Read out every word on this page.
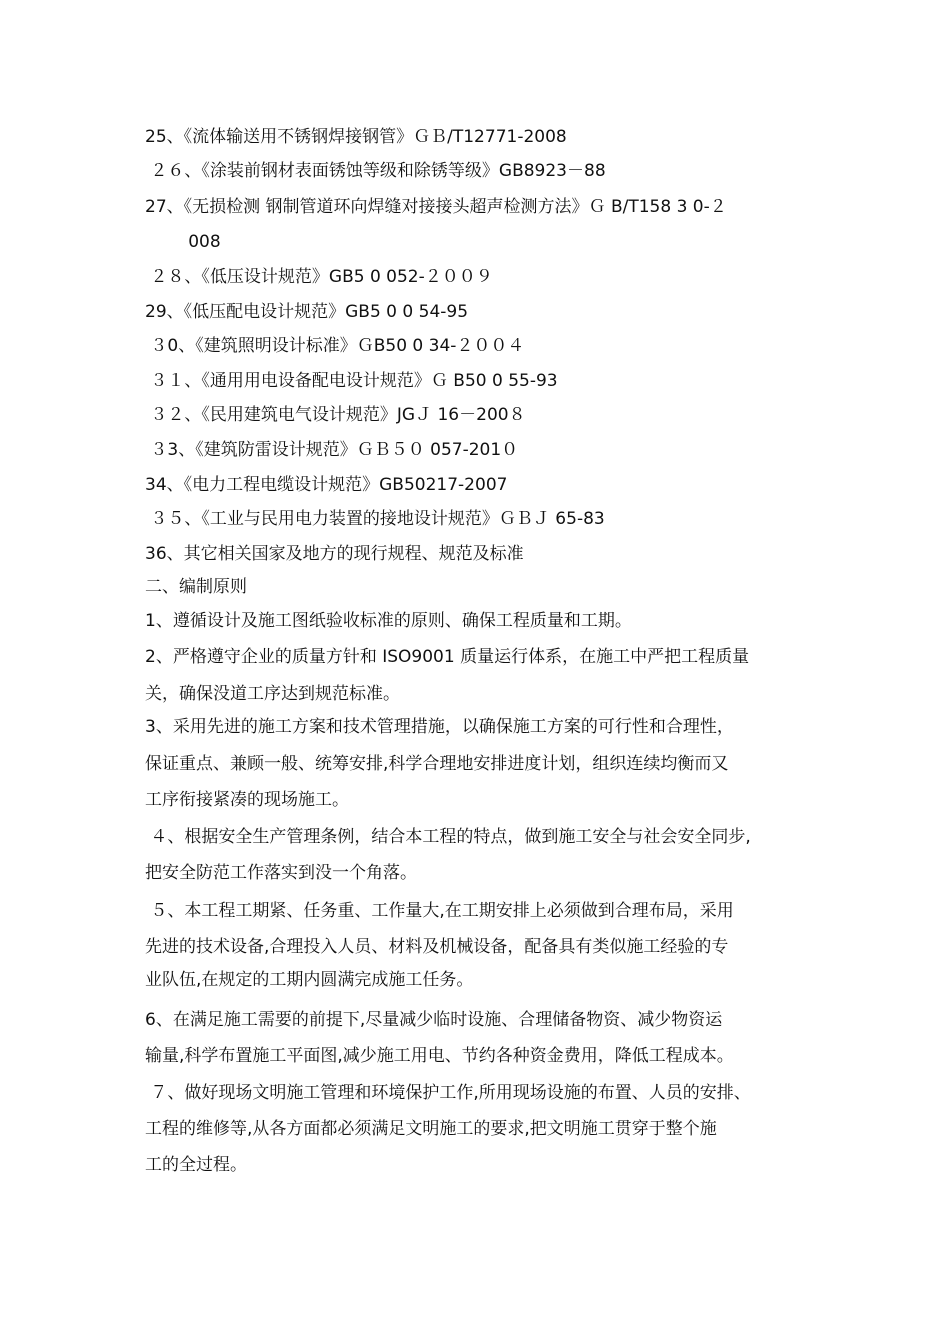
25、《流体输送用不锈钢焊接钢管》ＧＢ/T12771-2008
２６、《涂装前钢材表面锈蚀等级和除锈等级》GB8923－88
27、《无损检测 钢制管道环向焊缝对接接头超声检测方法》Ｇ B/T158 3 0-２
008
２８、《低压设计规范》GB5 0 052-２００９
29、《低压配电设计规范》GB5 0 0 54-95
３0、《建筑照明设计标准》ＧB50 0 34-２００４
３１、《通用用电设备配电设计规范》Ｇ B50 0 55-93
３２、《民用建筑电气设计规范》JGＪ 16－200８
３3、《建筑防雷设计规范》ＧＢ５０ 057-201０
34、《电力工程电缆设计规范》GB50217-2007
３５、《工业与民用电力装置的接地设计规范》ＧＢＪ 65-83
36、其它相关国家及地方的现行规程、规范及标准
二、编制原则
1、遵循设计及施工图纸验收标准的原则、确保工程质量和工期。
2、严格遵守企业的质量方针和 ISO9001 质量运行体系，在施工中严把工程质量
关，确保没道工序达到规范标准。
3、采用先进的施工方案和技术管理措施，以确保施工方案的可行性和合理性，
保证重点、兼顾一般、统筹安排,科学合理地安排进度计划，组织连续均衡而又
工序衔接紧凑的现场施工。
４、根据安全生产管理条例，结合本工程的特点，做到施工安全与社会安全同步,
把安全防范工作落实到没一个角落。
５、本工程工期紧、任务重、工作量大,在工期安排上必须做到合理布局，采用
先进的技术设备,合理投入人员、材料及机械设备，配备具有类似施工经验的专
业队伍,在规定的工期内圆满完成施工任务。
6、在满足施工需要的前提下,尽量减少临时设施、合理储备物资、减少物资运
输量,科学布置施工平面图,减少施工用电、节约各种资金费用，降低工程成本。
７、做好现场文明施工管理和环境保护工作,所用现场设施的布置、人员的安排、
工程的维修等,从各方面都必须满足文明施工的要求,把文明施工贯穿于整个施
工的全过程。
